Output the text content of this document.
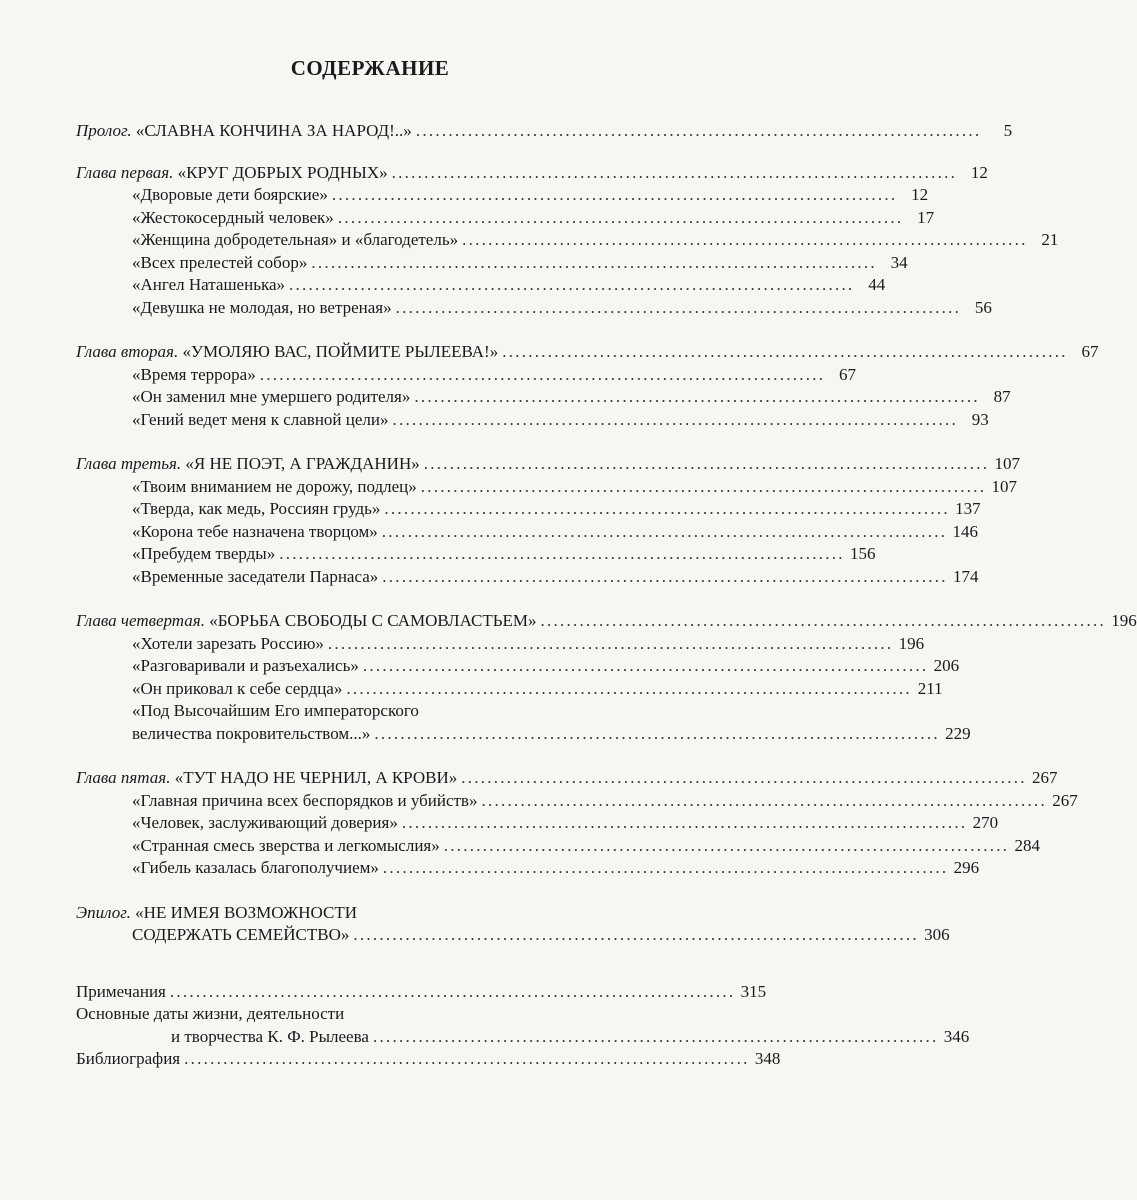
СОДЕРЖАНИЕ
Пролог. «СЛАВНА КОНЧИНА ЗА НАРОД!..» . . .	5
Глава первая. «КРУГ ДОБРЫХ РОДНЫХ» . . .	12
«Дворовые дети боярские» . . .	12
«Жестокосердный человек» . . .	17
«Женщина добродетельная» и «благодетель» . . .	21
«Всех прелестей собор» . . .	34
«Ангел Наташенька» . . .	44
«Девушка не молодая, но ветреная» . . .	56
Глава вторая. «УМОЛЯЮ ВАС, ПОЙМИТЕ РЫЛЕЕВА!» . . .	67
«Время террора» . . .	67
«Он заменил мне умершего родителя» . . .	87
«Гений ведет меня к славной цели» . . .	93
Глава третья. «Я НЕ ПОЭТ, А ГРАЖДАНИН» . . .	107
«Твоим вниманием не дорожу, подлец» . . .	107
«Тверда, как медь, Россиян грудь» . . .	137
«Корона тебе назначена творцом» . . .	146
«Пребудем тверды» . . .	156
«Временные заседатели Парнаса» . . .	174
Глава четвертая. «БОРЬБА СВОБОДЫ С САМОВЛАСТЬЕМ» . . .	196
«Хотели зарезать Россию» . . .	196
«Разговаривали и разъехались» . . .	206
«Он приковал к себе сердца» . . .	211
«Под Высочайшим Его императорского
величества покровительством...» . . .	229
Глава пятая. «ТУТ НАДО НЕ ЧЕРНИЛ, А КРОВИ» . . .	267
«Главная причина всех беспорядков и убийств» . . .	267
«Человек, заслуживающий доверия» . . .	270
«Странная смесь зверства и легкомыслия» . . .	284
«Гибель казалась благополучием» . . .	296
Эпилог. «НЕ ИМЕЯ ВОЗМОЖНОСТИ
СОДЕРЖАТЬ СЕМЕЙСТВО» . . .	306
Примечания . . .	315
Основные даты жизни, деятельности
и творчества К. Ф. Рылеева . . .	346
Библиография . . .	348
